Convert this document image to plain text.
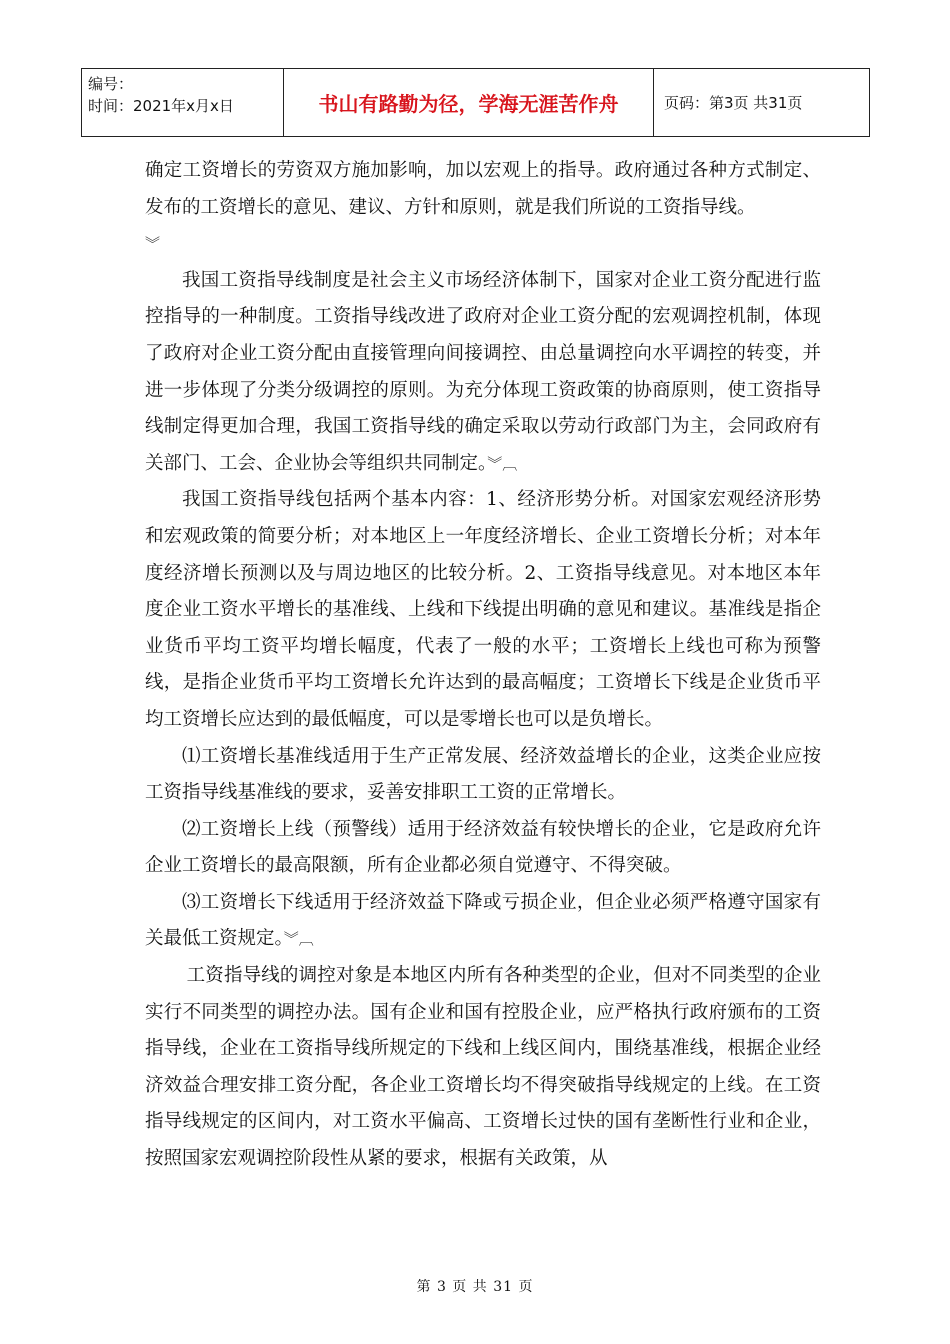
编号：
时间：2021年x月x日	书山有路勤为径，学海无涯苦作舟	页码：第3页 共31页

确定工资增长的劳资双方施加影响，加以宏观上的指导。政府通过各种方式制定、发布的工资增长的意见、建议、方针和原则，就是我们所说的工资指导线。
︾

我国工资指导线制度是社会主义市场经济体制下，国家对企业工资分配进行监控指导的一种制度。工资指导线改进了政府对企业工资分配的宏观调控机制，体现了政府对企业工资分配由直接管理向间接调控、由总量调控向水平调控的转变，并进一步体现了分类分级调控的原则。为充分体现工资政策的协商原则，使工资指导线制定得更加合理，我国工资指导线的确定采取以劳动行政部门为主，会同政府有关部门、工会、企业协会等组织共同制定。︾︹

我国工资指导线包括两个基本内容：1、经济形势分析。对国家宏观经济形势和宏观政策的简要分析；对本地区上一年度经济增长、企业工资增长分析；对本年度经济增长预测以及与周边地区的比较分析。2、工资指导线意见。对本地区本年度企业工资水平增长的基准线、上线和下线提出明确的意见和建议。基准线是指企业货币平均工资平均增长幅度，代表了一般的水平；工资增长上线也可称为预警线，是指企业货币平均工资增长允许达到的最高幅度；工资增长下线是企业货币平均工资增长应达到的最低幅度，可以是零增长也可以是负增长。

⑴工资增长基准线适用于生产正常发展、经济效益增长的企业，这类企业应按工资指导线基准线的要求，妥善安排职工工资的正常增长。

⑵工资增长上线（预警线）适用于经济效益有较快增长的企业，它是政府允许企业工资增长的最高限额，所有企业都必须自觉遵守、不得突破。

⑶工资增长下线适用于经济效益下降或亏损企业，但企业必须严格遵守国家有关最低工资规定。︾︹

工资指导线的调控对象是本地区内所有各种类型的企业，但对不同类型的企业实行不同类型的调控办法。国有企业和国有控股企业，应严格执行政府颁布的工资指导线，企业在工资指导线所规定的下线和上线区间内，围绕基准线，根据企业经济效益合理安排工资分配，各企业工资增长均不得突破指导线规定的上线。在工资指导线规定的区间内，对工资水平偏高、工资增长过快的国有垄断性行业和企业，按照国家宏观调控阶段性从紧的要求，根据有关政策，从

第 3 页 共 31 页
